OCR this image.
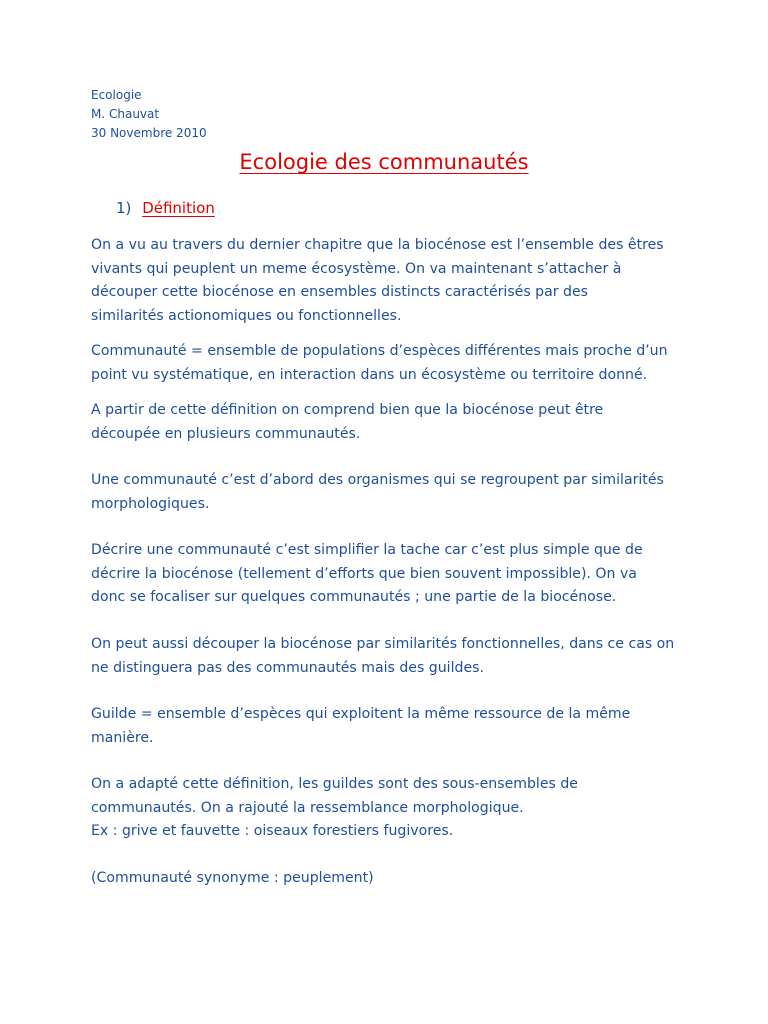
Ecologie
M. Chauvat
30 Novembre 2010
Ecologie des communautés
1) Définition
On a vu au travers du dernier chapitre que la biocénose est l’ensemble des êtres
vivants qui peuplent un meme écosystème. On va maintenant s’attacher à
découper cette biocénose en ensembles distincts caractérisés par des
similarités actionomiques ou fonctionnelles.
Communauté = ensemble de populations d’espèces différentes mais proche d’un
point vu systématique, en interaction dans un écosystème ou territoire donné.
A partir de cette définition on comprend bien que la biocénose peut être
découpée en plusieurs communautés.
Une communauté c’est d’abord des organismes qui se regroupent par similarités
morphologiques.
Décrire une communauté c’est simplifier la tache car c’est plus simple que de
décrire la biocénose (tellement d’efforts que bien souvent impossible). On va
donc se focaliser sur quelques communautés ; une partie de la biocénose.
On peut aussi découper la biocénose par similarités fonctionnelles, dans ce cas on
ne distinguera pas des communautés mais des guildes.
Guilde = ensemble d’espèces qui exploitent la même ressource de la même
manière.
On a adapté cette définition, les guildes sont des sous-ensembles de
communautés. On a rajouté la ressemblance morphologique.
Ex : grive et fauvette : oiseaux forestiers fugivores.
(Communauté synonyme : peuplement)
